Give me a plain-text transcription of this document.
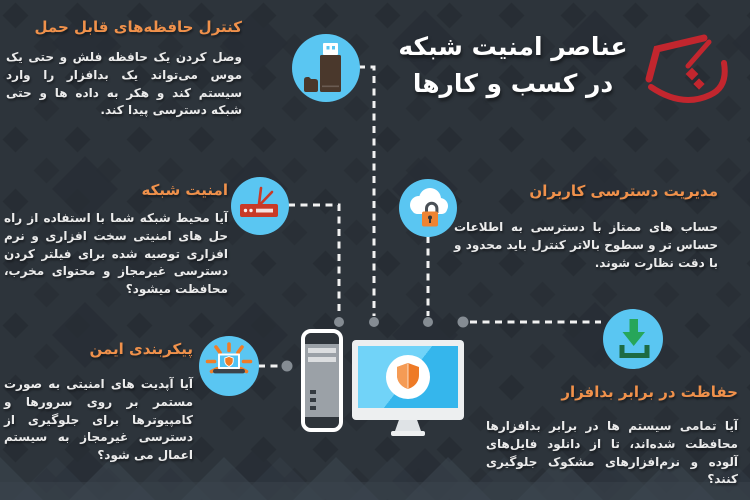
عناصر امنیت شبکه
در کسب و کارها
کنترل حافظه‌های قابل حمل

وصل کردن یک حافظه فلش و حتی یک موس می‌تواند یک بدافزار را وارد سیستم کند و هکر به داده ها و حتی شبکه دسترسی پیدا کند.

امنیت شبکه

آیا محیط شبکه شما با استفاده از راه حل های امنیتی سخت افزاری و نرم افزاری توصیه شده برای فیلتر کردن دسترسی غیرمجاز و محتوای مخرب، محافظت میشود؟

مدیریت دسترسی کاربران

حساب های ممتاز با دسترسی به اطلاعات حساس تر و سطوح بالاتر کنترل باید محدود و با دقت نظارت شوند.

پیکربندی ایمن

آیا آپدیت های امنیتی به صورت مستمر بر روی سرورها و کامپیوترها برای جلوگیری از دسترسی غیرمجاز به سیستم اعمال می شود؟

حفاظت در برابر بدافزار

آیا تمامی سیستم ها در برابر بدافزارها محافظت شده‌اند، تا از دانلود فایل‌های آلوده و نرم‌افزارهای مشکوک جلوگیری کنند؟
